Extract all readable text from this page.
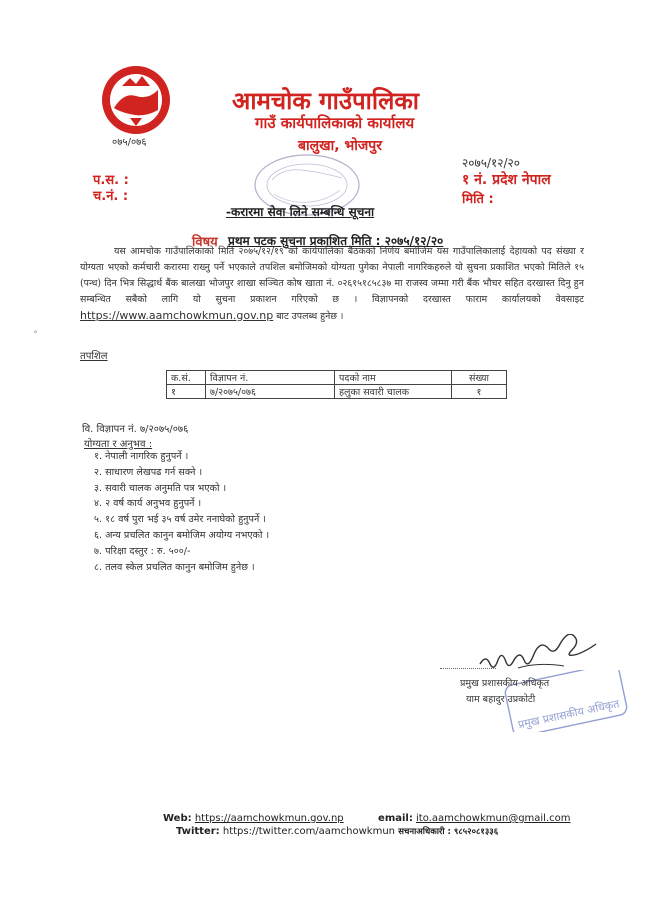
०७५/०७६
आमचोक गाउँपालिका
गाउँ कार्यपालिकाको कार्यालय
बालुखा, भोजपुर
प.स. :
च.नं. :
२०७५/१२/२०
१ नं. प्रदेश नेपाल
मिति :
-करारमा सेवा लिने सम्बन्धि सूचना
विषय प्रथम पटक सुचना प्रकाशित मिति : २०७५/१२/२०
यस आमचोक गाउँपालिकाको मिति २०७५/१२/१९ को कार्यपालिका बैठकको निर्णय बमोजिम यस गाउँपालिकालाई देहायको पद संख्या र योग्यता भएको कर्मचारी करारमा राख्नु पर्ने भएकाले तपशिल बमोजिमको योग्यता पुगेका नेपाली नागरिकहरुले यो सुचना प्रकाशित भएको मितिले १५ (पन्ध) दिन भित्र सिद्धार्थ बैंक बालखा भोजपुर शाखा सञ्चित कोष खाता नं. ०२६१५१८५८३७ मा राजस्व जम्मा गरी बैंक भौचर सहित दरखास्त दिनु हुन सम्बन्धित सबैको लागि यो सुचना प्रकाशन गरिएको छ । विज्ञापनको दरखास्त फाराम कार्यालयको वेवसाइट https://www.aamchowkmun.gov.np बाट उपलब्ध हुनेछ ।
˚
तपशिल
क.सं.	विज्ञापन नं.	पदको नाम	संख्या
१	७/२०७५/०७६	हलुका सवारी चालक	१
वि. विज्ञापन नं. ७/२०७५/०७६
योग्यता र अनुभव :
१. नेपाली नागरिक हुनुपर्ने ।
२. साधारण लेखपढ गर्न सक्ने ।
३. सवारी चालक अनुमति पत्र भएको ।
४. २ वर्ष कार्य अनुभव हुनुपर्ने ।
५. १८ वर्ष पुरा भई ३५ वर्ष उमेर ननाघेको हुनुपर्ने ।
६. अन्य प्रचलित कानुन बमोजिम अयोग्य नभएको ।
७. परिक्षा दस्तुर : रु. ५००/-
८. तलव स्केल प्रचलित कानुन बमोजिम हुनेछ ।
प्रमुख प्रशासकीय अधिकृत
प्रमुख प्रशासकीय अधिकृत
याम बहादुर उप्रकोटी
Web: https://aamchowkmun.gov.np	email: ito.aamchowkmun@gmail.com
Twitter: https://twitter.com/aamchowkmun सचनाअधिकारी : ९८५२०८१३३६
